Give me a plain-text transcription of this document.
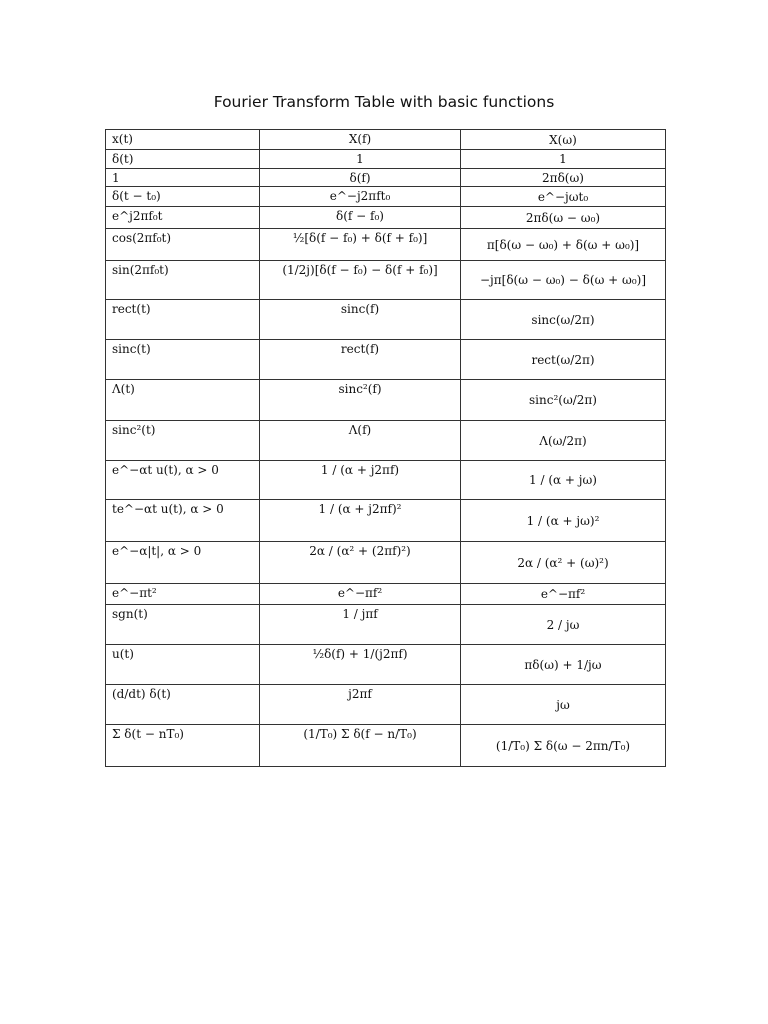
Fourier Transform Table with basic functions
x(t)	X(f)	X(ω)
δ(t)	1	1
1	δ(f)	2πδ(ω)
δ(t − t₀)	e^−j2πft₀	e^−jωt₀
e^j2πf₀t	δ(f − f₀)	2πδ(ω − ω₀)
cos(2πf₀t)	½[δ(f − f₀) + δ(f + f₀)]	π[δ(ω − ω₀) + δ(ω + ω₀)]
sin(2πf₀t)	(1/2j)[δ(f − f₀) − δ(f + f₀)]	−jπ[δ(ω − ω₀) − δ(ω + ω₀)]
rect(t)	sinc(f)	sinc(ω/2π)
sinc(t)	rect(f)	rect(ω/2π)
Λ(t)	sinc²(f)	sinc²(ω/2π)
sinc²(t)	Λ(f)	Λ(ω/2π)
e^−αt u(t), α > 0	1 / (α + j2πf)	1 / (α + jω)
te^−αt u(t), α > 0	1 / (α + j2πf)²	1 / (α + jω)²
e^−α|t|, α > 0	2α / (α² + (2πf)²)	2α / (α² + (ω)²)
e^−πt²	e^−πf²	e^−πf²
sgn(t)	1 / jπf	2 / jω
u(t)	½δ(f) + 1/(j2πf)	πδ(ω) + 1/jω
(d/dt) δ(t)	j2πf	jω
Σ δ(t − nT₀)	(1/T₀) Σ δ(f − n/T₀)	(1/T₀) Σ δ(ω − 2πn/T₀)
